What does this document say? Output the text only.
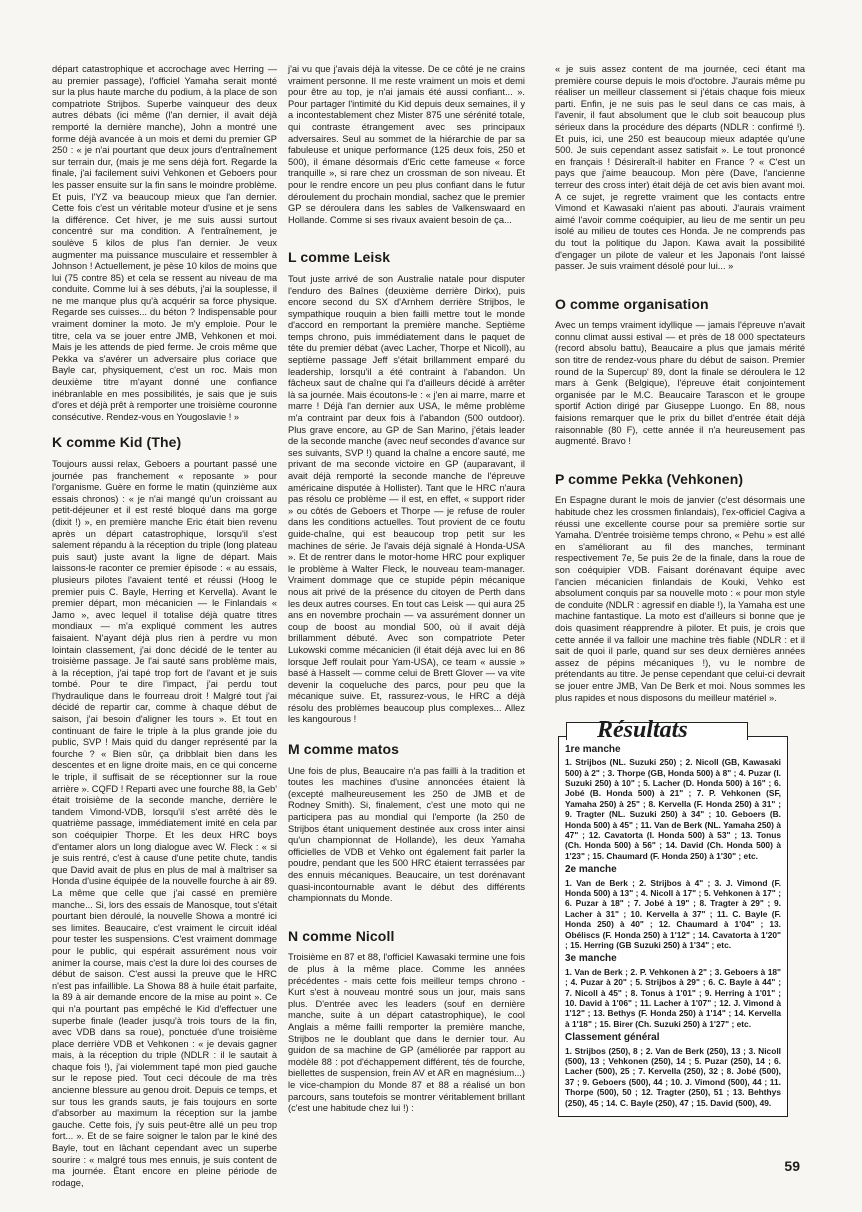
départ catastrophique et accrochage avec Herring — au premier passage), l'officiel Yamaha serait monté sur la plus haute marche du podium, à la place de son compatriote Strijbos. Superbe vainqueur des deux autres débats (ici même (l'an dernier, il avait déjà remporté la dernière manche), John a montré une forme déjà avancée à un mois et demi du premier GP 250 : « je n'ai pourtant que deux jours d'entraînement sur terrain dur, (mais je me sens déjà fort. Regarde la finale, j'ai facilement suivi Vehkonen et Geboers pour les passer ensuite sur la fin sans le moindre problème. Et puis, l'YZ va beaucoup mieux que l'an dernier. Cette fois c'est un véritable moteur d'usine et je sens la différence. Cet hiver, je me suis aussi surtout concentré sur ma condition. A l'entraînement, je soulève 5 kilos de plus l'an dernier. Je veux augmenter ma puissance musculaire et ressembler à Johnson ! Actuellement, je pèse 10 kilos de moins que lui (75 contre 85) et cela se ressent au niveau de ma conduite. Comme lui à ses débuts, j'ai la souplesse, il ne me manque plus qu'à acquérir sa force physique. Regarde ses cuisses... du béton ? Indispensable pour vraiment dominer la moto. Je m'y emploie. Pour le titre, cela va se jouer entre JMB, Vehkonen et moi. Mais je les attends de pied ferme. Je crois même que Pekka va s'avérer un adversaire plus coriace que Bayle car, physiquement, c'est un roc. Mais mon deuxième titre m'ayant donné une confiance inébranlable en mes possibilités, je sais que je suis d'ores et déjà prêt à remporter une troisième couronne consécutive. Rendez-vous en Yougoslavie ! »

K comme Kid (The)

Toujours aussi relax, Geboers a pourtant passé une journée pas franchement « reposante » pour l'organisme. Guère en forme le matin (quinzième aux essais chronos) : « je n'ai mangé qu'un croissant au petit-déjeuner et il est resté bloqué dans ma gorge (dixit !) », en première manche Eric était bien revenu après un départ catastrophique, lorsqu'il s'est salement répandu à la réception du triple (long plateau puis saut) juste avant la ligne de départ. Mais laissons-le raconter ce premier épisode : « au essais, plusieurs pilotes l'avaient tenté et réussi (Hoog le premier puis C. Bayle, Herring et Kervella). Avant le premier départ, mon mécanicien — le Finlandais « Jamo », avec lequel il totalise déjà quatre titres mondiaux — m'a expliqué comment les autres faisaient. N'ayant déjà plus rien à perdre vu mon lointain classement, j'ai donc décidé de le tenter au troisième passage. Je l'ai sauté sans problème mais, à la réception, j'ai tapé trop fort de l'avant et je suis tombé. Pour te dire l'impact, j'ai perdu tout l'hydraulique dans le fourreau droit ! Malgré tout j'ai décidé de repartir car, comme à chaque début de saison, j'ai besoin d'aligner les tours ». Et tout en continuant de faire le triple à la plus grande joie du public, SVP ! Mais quid du danger représenté par la fourche ? « Bien sûr, ça dribblait bien dans les descentes et en ligne droite mais, en ce qui concerne le triple, il suffisait de se réceptionner sur la roue arrière ». CQFD ! Reparti avec une fourche 88, la Geb' était troisième de la seconde manche, derrière le tandem Vimond-VDB, lorsqu'il s'est arrêté dès le quatrième passage, immédiatement imité en cela par son coéquipier Thorpe. Et les deux HRC boys d'entamer alors un long dialogue avec W. Fleck : « si je suis rentré, c'est à cause d'une petite chute, tandis que David avait de plus en plus de mal à maîtriser sa Honda d'usine équipée de la nouvelle fourche à air 89. La même que celle que j'ai cassé en première manche... Si, lors des essais de Manosque, tout s'était pourtant bien déroulé, la nouvelle Showa a montré ici ses limites. Beaucaire, c'est vraiment le circuit idéal pour tester les suspensions. C'est vraiment dommage pour le public, qui espérait assurément nous voir animer la course, mais c'est la dure loi des courses de début de saison. C'est aussi la preuve que le HRC n'est pas infaillible. La Showa 88 à huile était parfaite, la 89 à air demande encore de la mise au point ». Ce qui n'a pourtant pas empêché le Kid d'effectuer une superbe finale (leader jusqu'à trois tours de la fin, avec VDB dans sa roue), ponctuée d'une troisième place derrière VDB et Vehkonen : « je devais gagner mais, à la réception du triple (NDLR : il le sautait à chaque fois !), j'ai violemment tapé mon pied gauche sur le repose pied. Tout ceci découle de ma très ancienne blessure au genou droit. Depuis ce temps, et sur tous les grands sauts, je fais toujours en sorte d'absorber au maximum la réception sur la jambe gauche. Cette fois, j'y suis peut-être allé un peu trop fort... ». Et de se faire soigner le talon par le kiné des Bayle, tout en lâchant cependant avec un superbe sourire : « malgré tous mes ennuis, je suis content de ma journée. Étant encore en pleine période de rodage,

j'ai vu que j'avais déjà la vitesse. De ce côté je ne crains vraiment personne. Il me reste vraiment un mois et demi pour être au top, je n'ai jamais été aussi confiant... ». Pour partager l'intimité du Kid depuis deux semaines, il y a incontestablement chez Mister 875 une sérénité totale, qui contraste étrangement avec ses principaux adversaires. Seul au sommet de la hiérarchie de par sa fabuleuse et unique performance (125 deux fois, 250 et 500), il émane désormais d'Eric cette fameuse « force tranquille », si rare chez un crossman de son niveau. Et pour le rendre encore un peu plus confiant dans le futur déroulement du prochain mondial, sachez que le premier GP se déroulera dans les sables de Valkenswaard en Hollande. Comme si ses rivaux avaient besoin de ça...

L comme Leisk

Tout juste arrivé de son Australie natale pour disputer l'enduro des Baînes (deuxième derrière Dirkx), puis encore second du SX d'Arnhem derrière Strijbos, le sympathique rouquin a bien failli mettre tout le monde d'accord en remportant la première manche. Septième temps chrono, puis immédiatement dans le paquet de tête du premier débat (avec Lacher, Thorpe et Nicoll), au septième passage Jeff s'était brillamment emparé du leadership, lorsqu'il a été contraint à l'abandon. Un fâcheux saut de chaîne qui l'a d'ailleurs décidé à arrêter là sa journée. Mais écoutons-le : « j'en ai marre, marre et marre ! Déjà l'an dernier aux USA, le même problème m'a contraint par deux fois à l'abandon (500 outdoor). Plus grave encore, au GP de San Marino, j'étais leader de la seconde manche (avec neuf secondes d'avance sur ses suivants, SVP !) quand la chaîne a encore sauté, me privant de ma seconde victoire en GP (auparavant, il avait déjà remporté la seconde manche de l'épreuve américaine disputée à Hollister). Tant que le HRC n'aura pas résolu ce problème — il est, en effet, « support rider » ou côtés de Geboers et Thorpe — je refuse de rouler dans les conditions actuelles. Tout provient de ce foutu guide-chaîne, qui est beaucoup trop petit sur les machines de série. Je l'avais déjà signalé à Honda-USA ». Et de rentrer dans le motor-home HRC pour expliquer le problème à Walter Fleck, le nouveau team-manager. Vraiment dommage que ce stupide pépin mécanique nous ait privé de la présence du citoyen de Perth dans les deux autres courses. En tout cas Leisk — qui aura 25 ans en novembre prochain — va assurément donner un coup de boost au mondial 500, où il avait déjà brillamment débuté. Avec son compatriote Peter Lukowski comme mécanicien (il était déjà avec lui en 86 lorsque Jeff roulait pour Yam-USA), ce team « aussie » basé à Hasselt — comme celui de Brett Glover — va vite devenir la coqueluche des parcs, pour peu que la mécanique suive. Et, rassurez-vous, le HRC a déjà résolu des problèmes beaucoup plus complexes... Allez les kangourous !

M comme matos

Une fois de plus, Beaucaire n'a pas failli à la tradition et toutes les machines d'usine annoncées étaient là (excepté malheureusement les 250 de JMB et de Rodney Smith). Si, finalement, c'est une moto qui ne participera pas au mondial qui l'emporte (la 250 de Strijbos étant uniquement destinée aux cross inter ainsi qu'un championnat de Hollande), les deux Yamaha officielles de VDB et Vehko ont également fait parler la poudre, pendant que les 500 HRC étaient terrassées par des ennuis mécaniques. Beaucaire, un test dorénavant quasi-incontournable avant le début des différents championnats du Monde.

N comme Nicoll

Troisième en 87 et 88, l'officiel Kawasaki termine une fois de plus à la même place. Comme les années précédentes - mais cette fois meilleur temps chrono - Kurt s'est à nouveau montré sous un jour, mais sans plus. D'entrée avec les leaders (souf en dernière manche, suite à un départ catastrophique), le cool Anglais a même failli remporter la première manche, Strijbos ne le doublant que dans le dernier tour. Au guidon de sa machine de GP (améliorée par rapport au modèle 88 : pot d'échappement différent, tés de fourche, biellettes de suspension, frein AV et AR en magnésium...) le vice-champion du Monde 87 et 88 a réalisé un bon parcours, sans toutefois se montrer véritablement brillant (c'est une habitude chez lui !) :

« je suis assez content de ma journée, ceci étant ma première course depuis le mois d'octobre. J'aurais même pu réaliser un meilleur classement si j'étais chaque fois mieux parti. Enfin, je ne suis pas le seul dans ce cas mais, à l'avenir, il faut absolument que le club soit beaucoup plus sérieux dans la procédure des départs (NDLR : confirmé !). Et puis, ici, une 250 est beaucoup mieux adaptée qu'une 500. Je suis cependant assez satisfait ». Le tout prononcé en français ! Désireraît-il habiter en France ? « C'est un pays que j'aime beaucoup. Mon père (Dave, l'ancienne terreur des cross inter) était déjà de cet avis bien avant moi. A ce sujet, je regrette vraiment que les contacts entre Vimond et Kawasaki n'aient pas abouti. J'aurais vraiment aimé l'avoir comme coéquipier, au lieu de me sentir un peu isolé au milieu de toutes ces Honda. Je ne comprends pas du tout la politique du Japon. Kawa avait la possibilité d'engager un pilote de valeur et les Japonais l'ont laissé passer. Je suis vraiment désolé pour lui... »

O comme organisation

Avec un temps vraiment idyllique — jamais l'épreuve n'avait connu climat aussi estival — et près de 18 000 spectateurs (record absolu battu), Beaucaire a plus que jamais mérité son titre de rendez-vous phare du début de saison. Premier round de la Supercup' 89, dont la finale se déroulera le 12 mars à Genk (Belgique), l'épreuve était conjointement organisée par le M.C. Beaucaire Tarascon et le groupe sportif Action dirigé par Giuseppe Luongo. En 88, nous faisions remarquer que le prix du billet d'entrée était déjà raisonnable (80 F), cette année il n'a heureusement pas augmenté. Bravo !

P comme Pekka (Vehkonen)

En Espagne durant le mois de janvier (c'est désormais une habitude chez les crossmen finlandais), l'ex-officiel Cagiva a réussi une excellente course pour sa première sortie sur Yamaha. D'entrée troisième temps chrono, « Pehu » est allé en s'améliorant au fil des manches, terminant respectivement 7e, 5e puis 2e de la finale, dans la roue de son coéquipier VDB. Faisant dorénavant équipe avec l'ancien mécanicien finlandais de Kouki, Vehko est absolument conquis par sa nouvelle moto : « pour mon style de conduite (NDLR : agressif en diable !), la Yamaha est une machine fantastique. La moto est d'ailleurs si bonne que je dois quasiment réapprendre à piloter. Et puis, je crois que cette année il va falloir une machine très fiable (NDLR : et il sait de quoi il parle, quand sur ses deux dernières années assez de pépins mécaniques !), vu le nombre de prétendants au titre. Je pense cependant que celui-ci devrait se jouer entre JMB, Van De Berk et moi. Nous sommes les plus rapides et nous disposons du meilleur matériel ».

Résultats
1re manche

1. Strijbos (NL. Suzuki 250) ; 2. Nicoll (GB, Kawasaki 500) à 2" ; 3. Thorpe (GB, Honda 500) à 8" ; 4. Puzar (I. Suzuki 250) à 10" ; 5. Lacher (D. Honda 500) à 16" ; 6. Jobé (B. Honda 500) à 21" ; 7. P. Vehkonen (SF, Yamaha 250) à 25" ; 8. Kervella (F. Honda 250) à 31" ; 9. Tragter (NL. Suzuki 250) à 34" ; 10. Geboers (B. Honda 500) à 45" ; 11. Van de Berk (NL. Yamaha 250) à 47" ; 12. Cavatorta (I. Honda 500) à 53" ; 13. Tonus (Ch. Honda 500) à 56" ; 14. David (Ch. Honda 500) à 1'23" ; 15. Chaumard (F. Honda 250) à 1'30" ; etc.

2e manche

1. Van de Berk ; 2. Strijbos à 4" ; 3. J. Vimond (F. Honda 500) à 13" ; 4. Nicoll à 17" ; 5. Vehkonen à 17" ; 6. Puzar à 18" ; 7. Jobé à 19" ; 8. Tragter à 29" ; 9. Lacher à 31" ; 10. Kervella à 37" ; 11. C. Bayle (F. Honda 250) à 40" ; 12. Chaumard à 1'04" ; 13. Obéliscs (F. Honda 250) à 1'12" ; 14. Cavatorta à 1'20" ; 15. Herring (GB Suzuki 250) à 1'34" ; etc.

3e manche

1. Van de Berk ; 2. P. Vehkonen à 2" ; 3. Geboers à 18" ; 4. Puzar à 20" ; 5. Strijbos à 29" ; 6. C. Bayle à 44" ; 7. Nicoll à 45" ; 8. Tonus à 1'01" ; 9. Herring à 1'01" ; 10. David à 1'06" ; 11. Lacher à 1'07" ; 12. J. Vimond à 1'12" ; 13. Bethys (F. Honda 250) à 1'14" ; 14. Kervella à 1'18" ; 15. Birer (Ch. Suzuki 250) à 1'27" ; etc.

Classement général

1. Strijbos (250), 8 ; 2. Van de Berk (250), 13 ; 3. Nicoll (500), 13 ; Vehkonen (250), 14 ; 5. Puzar (250), 14 ; 6. Lacher (500), 25 ; 7. Kervella (250), 32 ; 8. Jobé (500), 37 ; 9. Geboers (500), 44 ; 10. J. Vimond (500), 44 ; 11. Thorpe (500), 50 ; 12. Tragter (250), 51 ; 13. Behthys (250), 45 ; 14. C. Bayle (250), 47 ; 15. David (500), 49.

59
